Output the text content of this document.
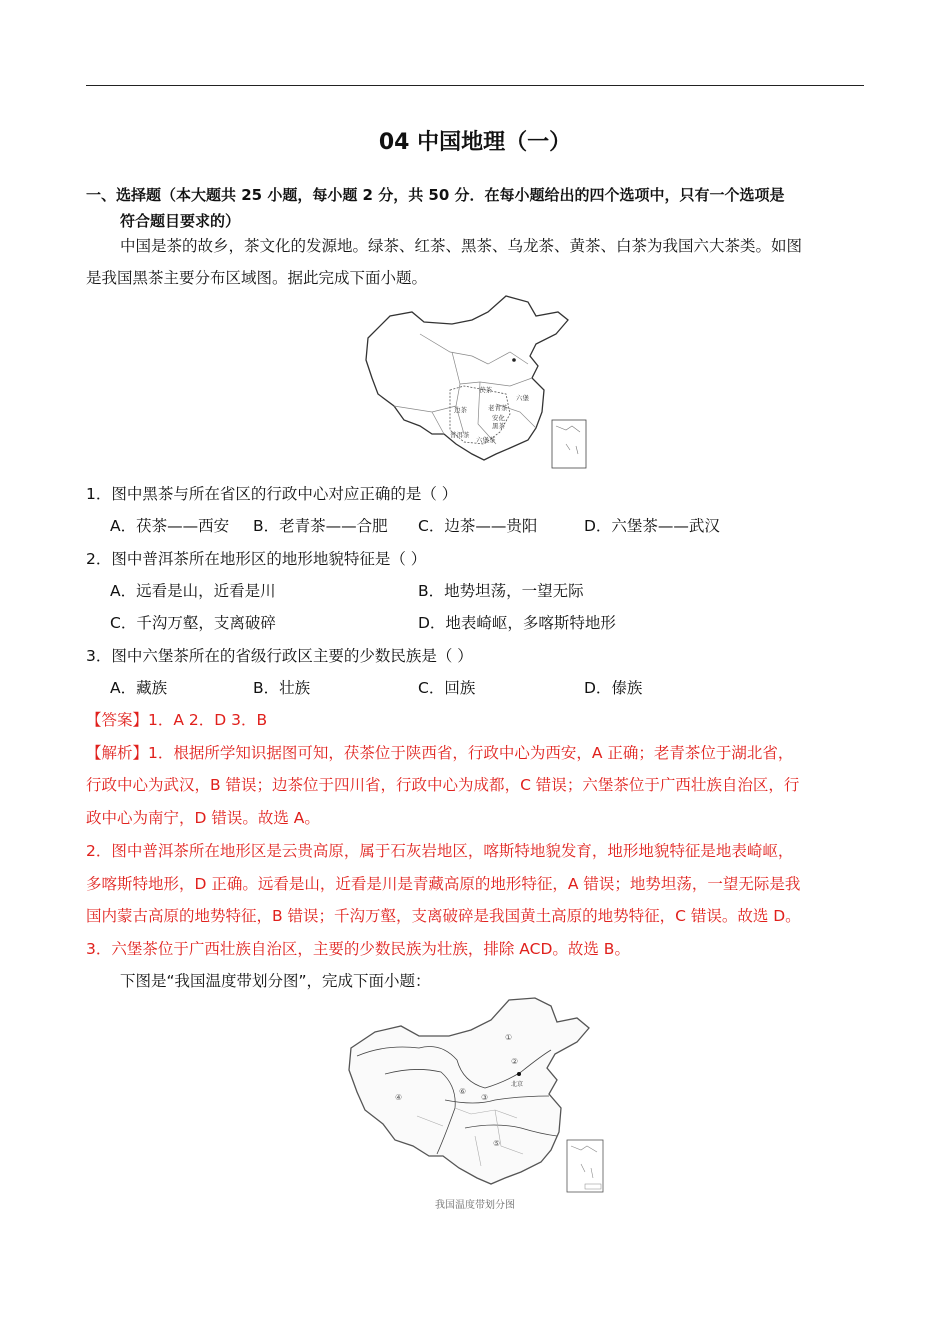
04 中国地理（一）
一、选择题（本大题共 25 小题，每小题 2 分，共 50 分．在每小题给出的四个选项中，只有一个选项是
符合题目要求的）
中国是茶的故乡，茶文化的发源地。绿茶、红茶、黑茶、乌龙茶、黄茶、白茶为我国六大茶类。如图
是我国黑茶主要分布区域图。据此完成下面小题。
茯茶
边茶	老青茶
六堡
安化
黑茶
普洱茶
六堡茶
1．图中黑茶与所在省区的行政中心对应正确的是（ ）
A．茯茶——西安 B．老青茶——合肥 C．边茶——贵阳	D．六堡茶——武汉
2．图中普洱茶所在地形区的地形地貌特征是（ ）
A．远看是山，近看是川	B．地势坦荡，一望无际
C．千沟万壑，支离破碎	D．地表崎岖，多喀斯特地形
3．图中六堡茶所在的省级行政区主要的少数民族是（ ）
A．藏族	B．壮族	C．回族	D．傣族
【答案】1．A 2．D 3．B
【解析】1．根据所学知识据图可知，茯茶位于陕西省，行政中心为西安，A 正确；老青茶位于湖北省，
行政中心为武汉，B 错误；边茶位于四川省，行政中心为成都，C 错误；六堡茶位于广西壮族自治区，行
政中心为南宁，D 错误。故选 A。
2．图中普洱茶所在地形区是云贵高原，属于石灰岩地区，喀斯特地貌发育，地形地貌特征是地表崎岖，
多喀斯特地形，D 正确。远看是山，近看是川是青藏高原的地形特征，A 错误；地势坦荡，一望无际是我
国内蒙古高原的地势特征，B 错误；千沟万壑，支离破碎是我国黄土高原的地势特征，C 错误。故选 D。
3．六堡茶位于广西壮族自治区，主要的少数民族为壮族，排除 ACD。故选 B。
下图是“我国温度带划分图”，完成下面小题：
①
②
③
④
⑤
⑥
北京
我国温度带划分图
